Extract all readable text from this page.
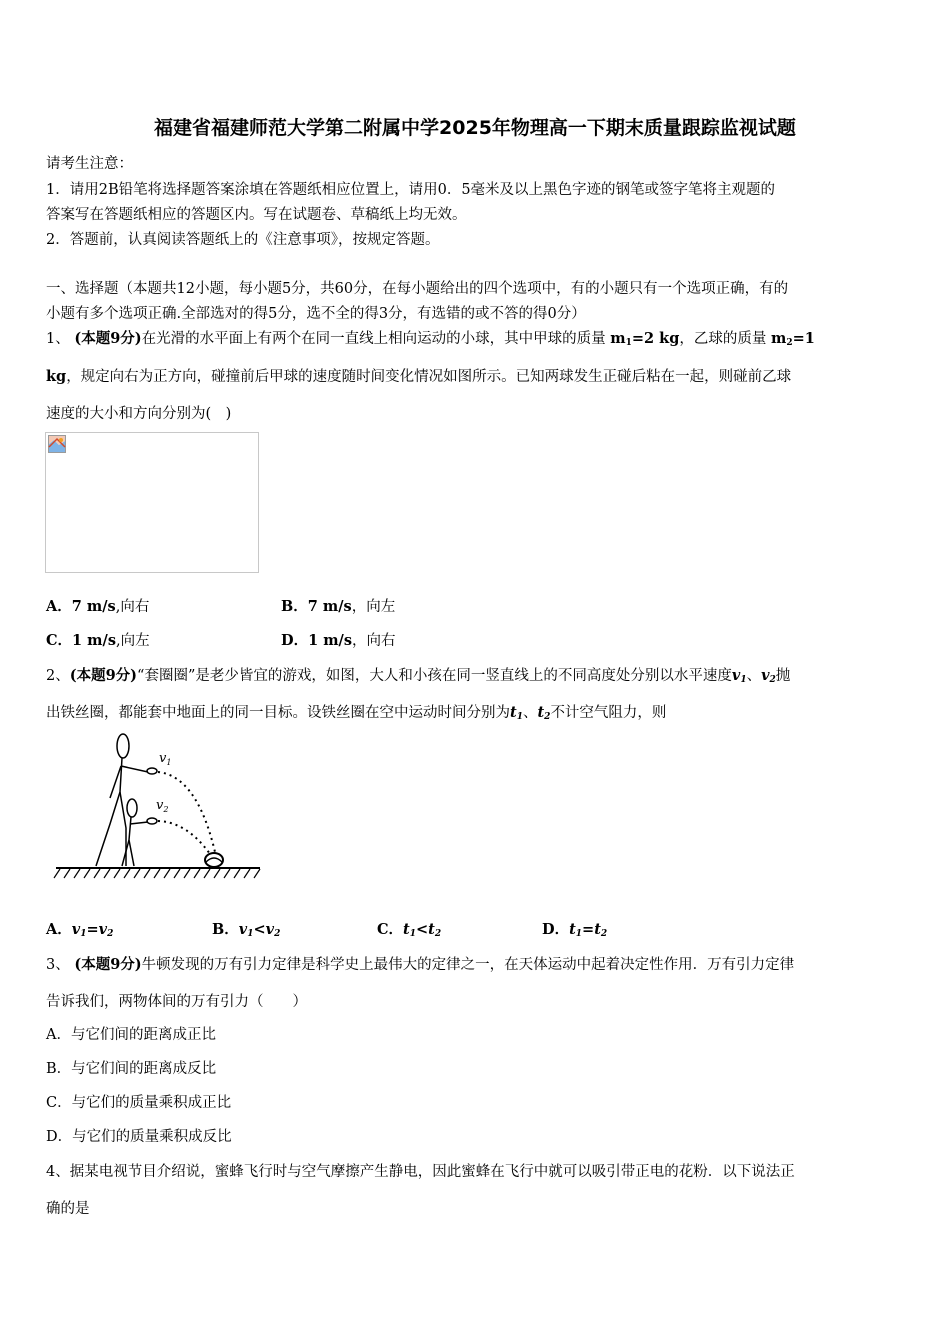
福建省福建师范大学第二附属中学2025年物理高一下期末质量跟踪监视试题
请考生注意：
1．请用2B铅笔将选择题答案涂填在答题纸相应位置上，请用0．5毫米及以上黑色字迹的钢笔或签字笔将主观题的
答案写在答题纸相应的答题区内。写在试题卷、草稿纸上均无效。
2．答题前，认真阅读答题纸上的《注意事项》，按规定答题。
一、选择题（本题共12小题，每小题5分，共60分，在每小题给出的四个选项中，有的小题只有一个选项正确，有的
小题有多个选项正确.全部选对的得5分，选不全的得3分，有选错的或不答的得0分）
1、 (本题9分)在光滑的水平面上有两个在同一直线上相向运动的小球，其中甲球的质量 $m_1=2$ kg，乙球的质量 $m_2=1$
kg，规定向右为正方向，碰撞前后甲球的速度随时间变化情况如图所示。已知两球发生正碰后粘在一起，则碰前乙球
速度的大小和方向分别为(　)
A．7 m/s,向右	B．7 m/s，向左
C．1 m/s,向左	D．1 m/s，向右
2、(本题9分)“套圈圈”是老少皆宜的游戏，如图，大人和小孩在同一竖直线上的不同高度处分别以水平速度$v_1$、$v_2$抛
出铁丝圈，都能套中地面上的同一目标。设铁丝圈在空中运动时间分别为$t_1$、$t_2$不计空气阻力，则
$v_1$
$v_2$
A．$v_1=v_2$	B．$v_1<v_2$	C．$t_1<t_2$	D．$t_1=t_2$
3、 (本题9分)牛顿发现的万有引力定律是科学史上最伟大的定律之一，在天体运动中起着决定性作用．万有引力定律
告诉我们，两物体间的万有引力（　　）
A．与它们间的距离成正比
B．与它们间的距离成反比
C．与它们的质量乘积成正比
D．与它们的质量乘积成反比
4、据某电视节目介绍说，蜜蜂飞行时与空气摩擦产生静电，因此蜜蜂在飞行中就可以吸引带正电的花粉．以下说法正
确的是
